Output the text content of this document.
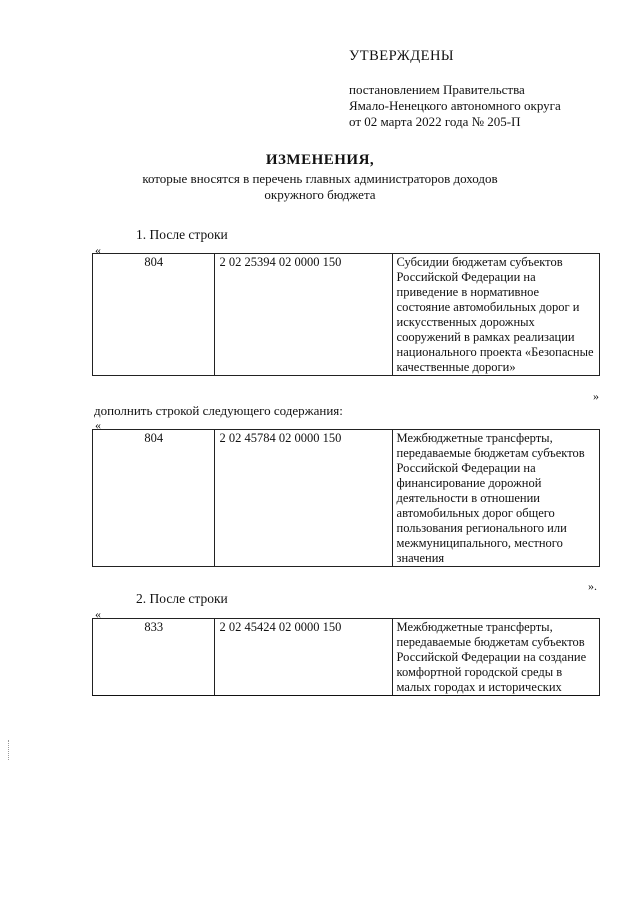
УТВЕРЖДЕНЫ
постановлением Правительства
Ямало-Ненецкого автономного округа
от 02 марта 2022 года № 205-П
ИЗМЕНЕНИЯ,
которые вносятся в перечень главных администраторов доходов
окружного бюджета
1. После строки
«
804	2 02 25394 02 0000 150	Субсидии бюджетам субъектов Российской Федерации на приведение в нормативное состояние автомобильных дорог и искусственных дорожных сооружений в рамках реализации национального проекта «Безопасные качественные дороги»
»
дополнить строкой следующего содержания:
«
804	2 02 45784 02 0000 150	Межбюджетные трансферты, передаваемые бюджетам субъектов Российской Федерации на финансирование дорожной деятельности в отношении автомобильных дорог общего пользования регионального или межмуниципального, местного значения
».
2. После строки
«
833	2 02 45424 02 0000 150	Межбюджетные трансферты, передаваемые бюджетам субъектов Российской Федерации на создание комфортной городской среды в малых городах и исторических
